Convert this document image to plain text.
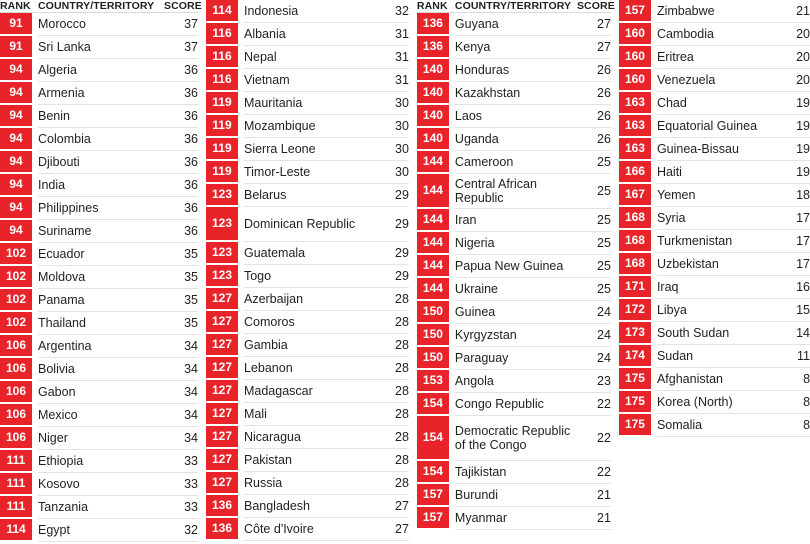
RANK	COUNTRY/TERRITORY	SCORE

91	Morocco	37

91	Sri Lanka	37

94	Algeria	36

94	Armenia	36

94	Benin	36

94	Colombia	36

94	Djibouti	36

94	India	36

94	Philippines	36

94	Suriname	36

102	Ecuador	35

102	Moldova	35

102	Panama	35

102	Thailand	35

106	Argentina	34

106	Bolivia	34

106	Gabon	34

106	Mexico	34

106	Niger	34

111	Ethiopia	33

111	Kosovo	33

111	Tanzania	33

114	Egypt	32
114	Indonesia	32

116	Albania	31

116	Nepal	31

116	Vietnam	31

119	Mauritania	30

119	Mozambique	30

119	Sierra Leone	30

119	Timor-Leste	30

123	Belarus	29

123	Dominican Republic	29

123	Guatemala	29

123	Togo	29

127	Azerbaijan	28

127	Comoros	28

127	Gambia	28

127	Lebanon	28

127	Madagascar	28

127	Mali	28

127	Nicaragua	28

127	Pakistan	28

127	Russia	28

136	Bangladesh	27

136	Côte d'Ivoire	27
RANK	COUNTRY/TERRITORY	SCORE

136	Guyana	27

136	Kenya	27

140	Honduras	26

140	Kazakhstan	26

140	Laos	26

140	Uganda	26

144	Cameroon	25

144	Central African Republic	25

144	Iran	25

144	Nigeria	25

144	Papua New Guinea	25

144	Ukraine	25

150	Guinea	24

150	Kyrgyzstan	24

150	Paraguay	24

153	Angola	23

154	Congo Republic	22

154	Democratic Republic of the Congo	22

154	Tajikistan	22

157	Burundi	21

157	Myanmar	21
157	Zimbabwe	21

160	Cambodia	20

160	Eritrea	20

160	Venezuela	20

163	Chad	19

163	Equatorial Guinea	19

163	Guinea-Bissau	19

166	Haiti	19

167	Yemen	18

168	Syria	17

168	Turkmenistan	17

168	Uzbekistan	17

171	Iraq	16

172	Libya	15

173	South Sudan	14

174	Sudan	11

175	Afghanistan	8

175	Korea (North)	8

175	Somalia	8
